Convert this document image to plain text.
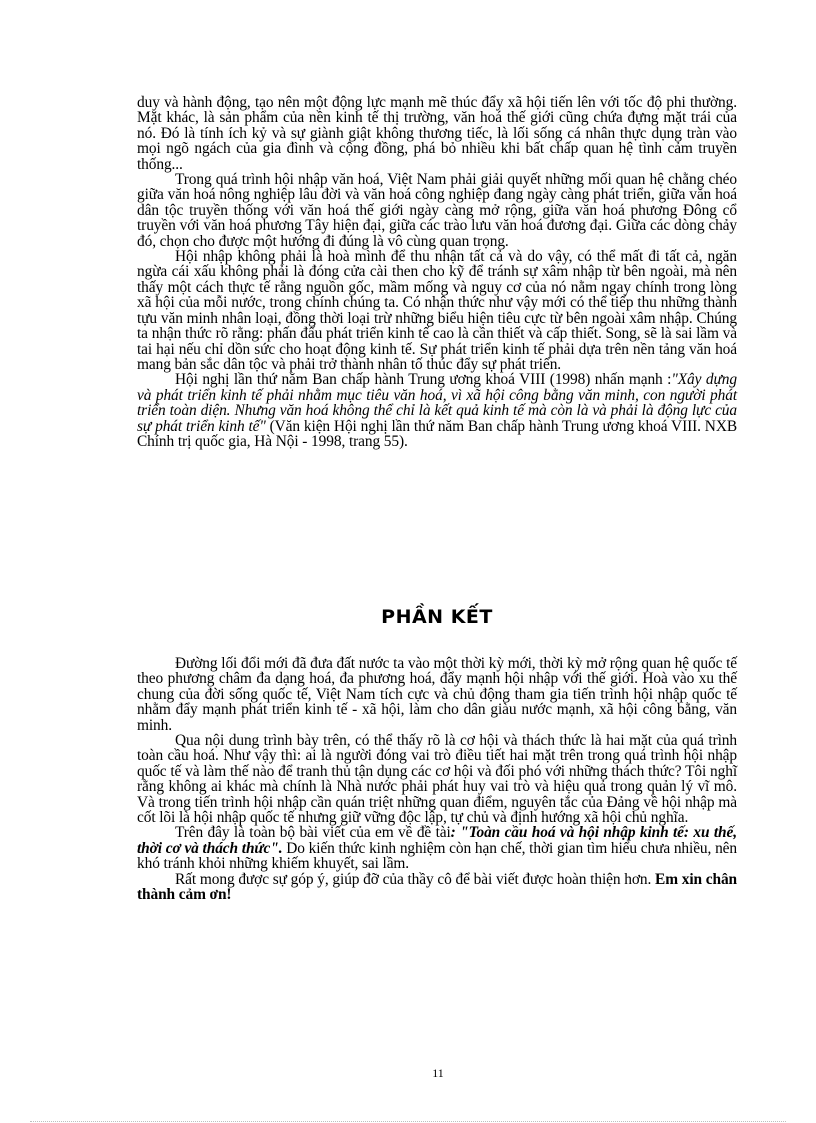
duy và hành động, tạo nên một động lực mạnh mẽ thúc đẩy xã hội tiến lên với tốc độ phi thường. Mặt khác, là sản phẩm của nền kinh tế thị trường, văn hoá thế giới cũng chứa đựng mặt trái của nó. Đó là tính ích kỷ và sự giành giật không thương tiếc, là lối sống cá nhân thực dụng tràn vào mọi ngõ ngách của gia đình và cộng đồng, phá bỏ nhiều khi bất chấp quan hệ tình cảm truyền thống...

Trong quá trình hội nhập văn hoá, Việt Nam phải giải quyết những mối quan hệ chằng chéo giữa văn hoá nông nghiệp lâu đời và văn hoá công nghiệp đang ngày càng phát triển, giữa văn hoá dân tộc truyền thống với văn hoá thế giới ngày càng mở rộng, giữa văn hoá phương Đông cổ truyền với văn hoá phương Tây hiện đại, giữa các trào lưu văn hoá đương đại. Giữa các dòng chảy đó, chọn cho được một hướng đi đúng là vô cùng quan trọng.

Hội nhập không phải là hoà mình để thu nhận tất cả và do vậy, có thể mất đi tất cả, ngăn ngừa cái xấu không phải là đóng cửa cài then cho kỹ để tránh sự xâm nhập từ bên ngoài, mà nên thấy một cách thực tế rằng nguồn gốc, mầm mống và nguy cơ của nó nằm ngay chính trong lòng xã hội của mỗi nước, trong chính chúng ta. Có nhận thức như vậy mới có thể tiếp thu những thành tựu văn minh nhân loại, đồng thời loại trừ những biểu hiện tiêu cực từ bên ngoài xâm nhập. Chúng ta nhận thức rõ rằng: phấn đấu phát triển kinh tế cao là cần thiết và cấp thiết. Song, sẽ là sai lầm và tai hại nếu chỉ dồn sức cho hoạt động kinh tế. Sự phát triển kinh tế phải dựa trên nền tảng văn hoá mang bản sắc dân tộc và phải trở thành nhân tố thúc đẩy sự phát triển.

Hội nghị lần thứ năm Ban chấp hành Trung ương khoá VIII (1998) nhấn mạnh :"Xây dựng và phát triển kinh tế phải nhằm mục tiêu văn hoá, vì xã hội công bằng văn minh, con người phát triển toàn diện. Nhưng văn hoá không thể chỉ là kết quả kinh tế mà còn là và phải là động lực của sự phát triển kinh tế" (Văn kiện Hội nghị lần thứ năm Ban chấp hành Trung ương khoá VIII. NXB Chính trị quốc gia, Hà Nội - 1998, trang 55).

PHẦN KẾT

Đường lối đổi mới đã đưa đất nước ta vào một thời kỳ mới, thời kỳ mở rộng quan hệ quốc tế theo phương châm đa dạng hoá, đa phương hoá, đẩy mạnh hội nhập với thế giới. Hoà vào xu thế chung của đời sống quốc tế, Việt Nam tích cực và chủ động tham gia tiến trình hội nhập quốc tế nhằm đẩy mạnh phát triển kinh tế - xã hội, làm cho dân giàu nước mạnh, xã hội công bằng, văn minh.

Qua nội dung trình bày trên, có thể thấy rõ là cơ hội và thách thức là hai mặt của quá trình toàn cầu hoá. Như vậy thì: ai là người đóng vai trò điều tiết hai mặt trên trong quá trình hội nhập quốc tế và làm thế nào để tranh thủ tận dụng các cơ hội và đối phó với những thách thức? Tôi nghĩ rằng không ai khác mà chính là Nhà nước phải phát huy vai trò và hiệu quả trong quản lý vĩ mô. Và trong tiến trình hội nhập cần quán triệt những quan điểm, nguyên tắc của Đảng về hội nhập mà cốt lõi là hội nhập quốc tế nhưng giữ vững độc lập, tự chủ và định hướng xã hội chủ nghĩa.

Trên đây là toàn bộ bài viết của em về đề tài: "Toàn cầu hoá và hội nhập kinh tế: xu thế, thời cơ và thách thức". Do kiến thức kinh nghiệm còn hạn chế, thời gian tìm hiểu chưa nhiều, nên khó tránh khỏi những khiếm khuyết, sai lầm.

Rất mong được sự góp ý, giúp đỡ của thầy cô để bài viết được hoàn thiện hơn. Em xin chân thành cảm ơn!

11
